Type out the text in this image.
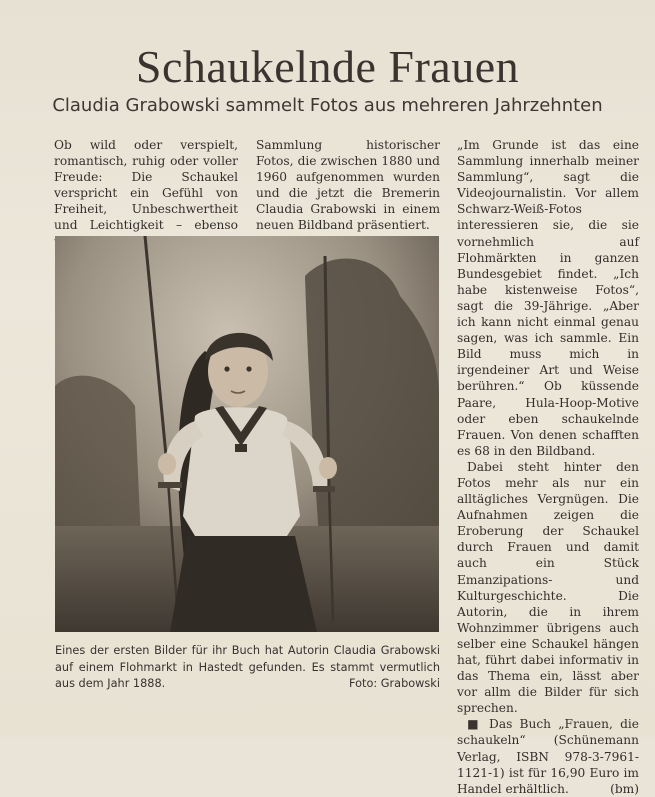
Schaukelnde Frauen
Claudia Grabowski sammelt Fotos aus mehreren Jahrzehnten

Ob wild oder verspielt, romantisch, ruhig oder voller Freude: Die Schaukel verspricht ein Gefühl von Freiheit, Unbeschwertheit und Leichtigkeit – ebenso

Sammlung historischer Fotos, die zwischen 1880 und 1960 aufgenommen wurden und die jetzt die Bremerin Claudia Grabowski in einem neuen Bildband präsentiert.

„Im Grunde ist das eine Sammlung innerhalb meiner Sammlung“, sagt die Videojournalistin. Vor allem Schwarz-Weiß-Fotos interessieren sie, die sie vornehmlich auf Flohmärkten in ganzen Bundesgebiet findet. „Ich habe kistenweise Fotos“, sagt die 39-Jährige. „Aber ich kann nicht einmal genau sagen, was ich sammle. Ein Bild muss mich in irgendeiner Art und Weise berühren.“ Ob küssende Paare, Hula-Hoop-Motive oder eben schaukelnde Frauen. Von denen schafften es 68 in den Bildband.

Dabei steht hinter den Fotos mehr als nur ein alltägliches Vergnügen. Die Aufnahmen zeigen die Eroberung der Schaukel durch Frauen und damit auch ein Stück Emanzipations- und Kulturgeschichte. Die Autorin, die in ihrem Wohnzimmer übrigens auch selber eine Schaukel hängen hat, führt dabei informativ in das Thema ein, lässt aber vor allm die Bilder für sich sprechen.

■ Das Buch „Frauen, die schaukeln“ (Schünemann Verlag, ISBN 978-3-7961-1121-1) ist für 16,90 Euro im Handel erhältlich.	(bm)

Eines der ersten Bilder für ihr Buch hat Autorin Claudia Grabowski auf einem Flohmarkt in Hastedt gefunden. Es stammt vermutlich aus dem Jahr 1888.	Foto: Grabowski
